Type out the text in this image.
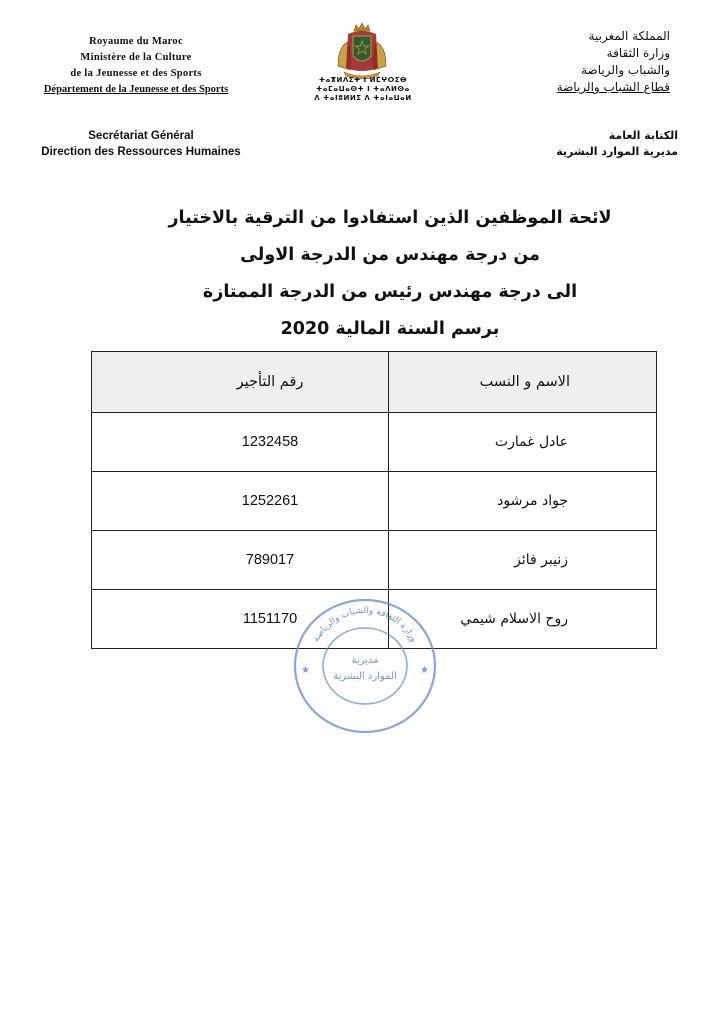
Royaume du Maroc
Ministère de la Culture
de la Jeunesse et des Sports
Département de la Jeunesse et des Sports
ⵜⴰⴳⵍⴷⵉⵜ ⵏ ⵍⵎⵖⵔⵉⴱ
ⵜⴰⵎⴰⵡⴰⵙⵜ ⵏ ⵜⴰⴷⵍⵙⴰ
ⴷ ⵜⴰⵏⵓⵍⵍⵉ ⴷ ⵜⴰⵏⴰⵡⴰⵍ
المملكة المغربية
وزارة الثقافة
والشباب والرياضة
قطاع الشباب والرياضة
Secrétariat Général
Direction des Ressources Humaines
الكتابة العامة
مديرية الموارد البشرية
لائحة الموظفين الذين استفادوا من الترقية بالاختيار
من درجة مهندس من الدرجة الاولى
الى درجة مهندس رئيس من الدرجة الممتازة
برسم السنة المالية 2020
الاسم و النسب	رقم التأجير
عادل غمارت	1232458
جواد مرشود	1252261
زنيبر فائز	789017
روح الاسلام شيمي	1151170
وزارة الثقافة والشباب والرياضة
★	★
مديرية
الموارد البشرية
